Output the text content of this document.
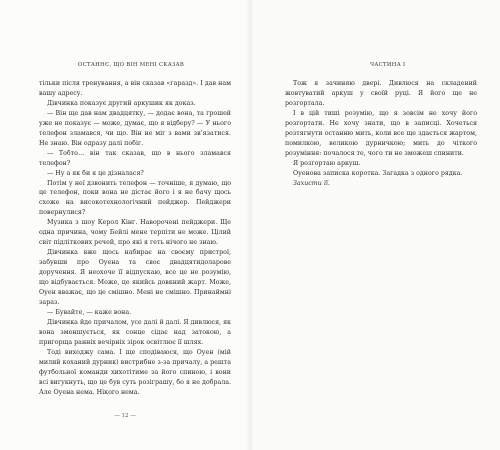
ОСТАННЄ, ЩО ВІН МЕНІ СКАЗАВ

тільки після тренування, а він сказав «гаразд». І дав нам вашу адресу.

Дівчинка показує другий аркушик як доказ.

— Він ще дав нам двадцятку, — додає вона, та грошей уже не показує — може, думає, що я відберу? — У нього телефон зламався, чи що. Він не міг з вами зв’язатися. Не знаю. Він одразу далі побіг.

— Тобто… він так сказав, що в нього зламався телефон?

— Ну а як би я це дізналася?

Потім у неї дзвонить телефон — точніше, я думаю, що це телефон, поки вона не дістає його і я не бачу щось схоже на високотехнологічний пейджер. Пейджери повернулися?

Музика з шоу Керол Кінг. Навороченi пейджери. Ще одна причина, чому Бейлі мене терпіти не може. Цілий світ підліткових речей, про які я геть нічого не знаю.

Дівчинка вже щось набирає на своєму пристрої, забувши про Оуена та своє двадцятидоларове доручення. Я неохоче її відпускаю, все це не розумію, що відбувається. Може, це якийсь довкний жарт. Може, Оуен вважає, що це смішно. Мені не смішно. Принаймні зараз.

— Бувайте, — каже вона.

Дівчинка йде причалом, усе далі й далі. Я дивлюся, як вона зменшується, як сонце сідає над затокою, а пригорща ранніх вечірніх зірок освітлює її шлях.

Тоді виходжу сама. І ще сподіваюся, що Оуен (мій милий коханий дурник) вистрибне з-за причалу, а решта футбольної команди хихотітиме за його спиною, і вони всі вигукнуть, що це був суть розіграшу, бо я не добрала. Але Оуена нема. Нікого нема.

— 12 —
ЧАСТИНА І

Тож я зачиняю двері. Дивлюся на складений жовтуватий аркуш у своїй руці. Я його ще не розгортала.

І в цій тиші розумію, що я зовсім не хочу його розгортати. Не хочу знати, що в записці. Хочеться розтягнути останню мить, коли все ще здається жартом, помилкою, великою дурничкою; мить до чіткого розуміння: почалося те, чого ти не зможеш спинити.

Я розгортаю аркуш.

Оуенова записка коротка. Загадка з одного рядка.

Захисти її.
